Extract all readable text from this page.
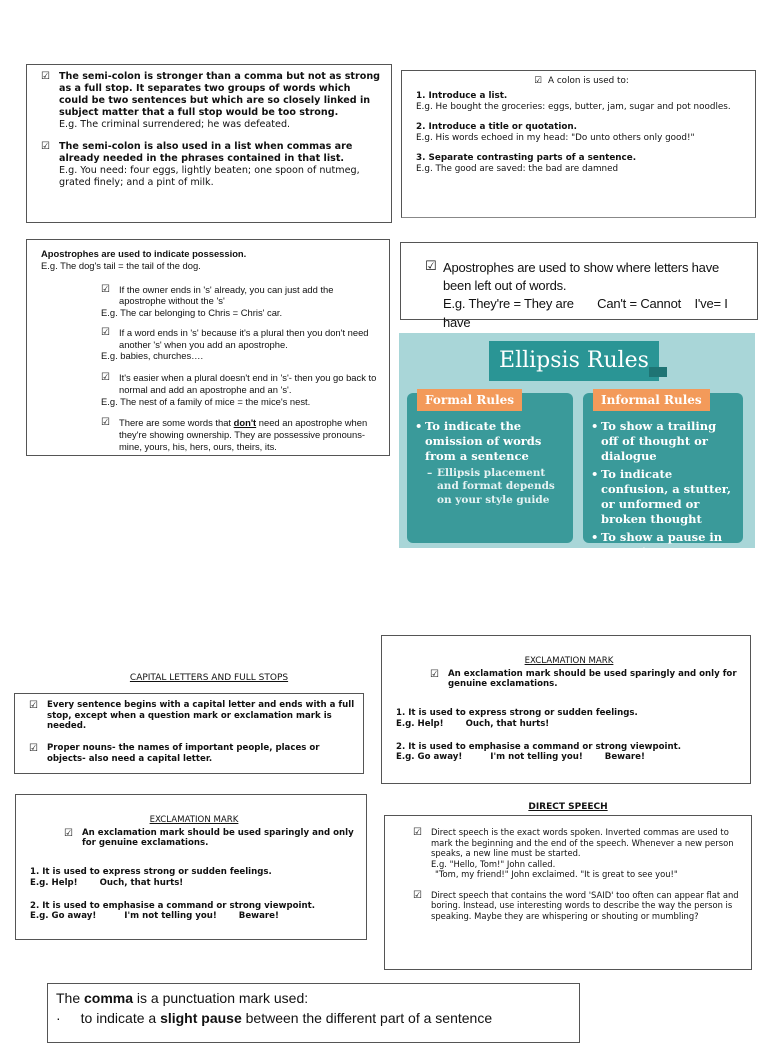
☑ The semi-colon is stronger than a comma but not as strong as a full stop. It separates two groups of words which could be two sentences but which are so closely linked in subject matter that a full stop would be too strong.
E.g. The criminal surrendered; he was defeated.
☑ The semi-colon is also used in a list when commas are already needed in the phrases contained in that list.
E.g. You need: four eggs, lightly beaten; one spoon of nutmeg, grated finely; and a pint of milk.
☑ A colon is used to:
1. Introduce a list.
E.g. He bought the groceries: eggs, butter, jam, sugar and pot noodles.
2. Introduce a title or quotation.
E.g. His words echoed in my head: "Do unto others only good!"
3. Separate contrasting parts of a sentence.
E.g. The good are saved: the bad are damned
Apostrophes are used to indicate possession.
E.g. The dog's tail = the tail of the dog.
☑ If the owner ends in 's' already, you can just add the apostrophe without the 's'
E.g. The car belonging to Chris = Chris' car.
☑ If a word ends in 's' because it's a plural then you don't need another 's' when you add an apostrophe.
E.g. babies, churches….
☑ It's easier when a plural doesn't end in 's'- then you go back to normal and add an apostrophe and an 's'.
E.g. The nest of a family of mice = the mice's nest.
☑ There are some words that don't need an apostrophe when they're showing ownership. They are possessive pronouns- mine, yours, his, hers, ours, theirs, its.
☑ Apostrophes are used to show where letters have been left out of words.
E.g. They're = They are Can't = Cannot I've= I have
Ellipsis Rules
Formal Rules
• To indicate the omission of words from a sentence
– Ellipsis placement and format depends on your style guide
Informal Rules
• To show a trailing off of thought or dialogue
• To indicate confusion, a stutter, or unformed or broken thought
• To show a pause in narration or dialogue
CAPITAL LETTERS AND FULL STOPS
☑ Every sentence begins with a capital letter and ends with a full stop, except when a question mark or exclamation mark is needed.
☑ Proper nouns- the names of important people, places or objects- also need a capital letter.
EXCLAMATION MARK
☑ An exclamation mark should be used sparingly and only for genuine exclamations.
1. It is used to express strong or sudden feelings.
E.g. Help!	Ouch, that hurts!
2. It is used to emphasise a command or strong viewpoint.
E.g. Go away!	I'm not telling you!	Beware!
EXCLAMATION MARK
☑ An exclamation mark should be used sparingly and only for genuine exclamations.
1. It is used to express strong or sudden feelings.
E.g. Help!	Ouch, that hurts!
2. It is used to emphasise a command or strong viewpoint.
E.g. Go away!	I'm not telling you!	Beware!
DIRECT SPEECH
☑ Direct speech is the exact words spoken. Inverted commas are used to mark the beginning and the end of the speech. Whenever a new person speaks, a new line must be started.
E.g. "Hello, Tom!" John called.
"Tom, my friend!" John exclaimed. "It is great to see you!"
☑ Direct speech that contains the word 'SAID' too often can appear flat and boring. Instead, use interesting words to describe the way the person is speaking. Maybe they are whispering or shouting or mumbling?
The comma is a punctuation mark used:
· to indicate a slight pause between the different part of a sentence
